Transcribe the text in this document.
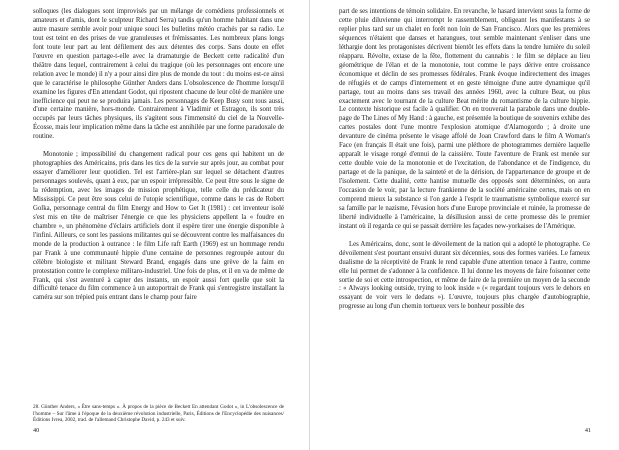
solloques (les dialogues sont improvisés par un mélange de comédiens professionnels et amateurs et d'amis, dont le sculpteur Richard Serra) tandis qu'un homme habitant dans une autre masure semble avoir pour unique souci les bulletins météo crachés par sa radio. Le tout est teint en des prises de vue granuleuses et frémissantes. Les nombreux plans longs font toute leur part au lent défilement des aux détentes des corps. Sans doute en effet l'œuvre en question partage-t-elle avec la dramaturgie de Beckett cette radicalité d'un théâtre dans lequel, contrairement à celui du tragique (où les personnages ont encore une relation avec le monde) il n'y a pour ainsi dire plus de monde du tout : du moins est-ce ainsi que le caractérise le philosophe Günther Anders dans L'obsolescence de l'homme lorsqu'il examine les figures d'En attendant Godot, qui ripostent chacune de leur côté de manière une inefficience qui peut ne se produira jamais. Les personnages de Keep Busy sont tous aussi, d'une certaine manière, hors-monde. Contrairement à Vladimir et Estragon, ils sont très occupés par leurs tâches physiques, ils s'agitent sous l'immensité du ciel de la Nouvelle-Écosse, mais leur implication même dans la tâche est annihilée par une forme paradoxale de routine.

Monotonie ; impossibilité du changement radical pour ces gens qui habitent un de photographies des Américains, pris dans les tics de la survie sur après jour, au combat pour essayer d'améliorer leur quotidien. Tel est l'arrière-plan sur lequel se détachent d'autres personnages soulevés, quant à eux, par un espoir irrépressible. Ce peut être sous le signe de la rédemption, avec les images de mission prophétique, telle celle du prédicateur du Mississippi. Ce peut être sous celui de l'utopie scientifique, comme dans le cas de Robert Golka, personnage central du film Energy and How to Get It (1981) : cet inventeur isolé s'est mis en tête de maîtriser l'énergie ce que les physiciens appellent la « foudre en chambre », un phénomène d'éclairs artificiels dont il espère tirer une énergie disponible à l'infini. Ailleurs, ce sont les passions militantes qui se découvrent contre les malfaisances du monde de la production à outrance : le film Life raft Earth (1969) est un hommage rendu par Frank à une communauté hippie d'une centaine de personnes regroupée autour du célèbre biologiste et militant Steward Brand, engagés dans une grève de la faim en protestation contre le complexe militaro-industriel. Une fois de plus, et il en va de même de Frank, qui s'est aventuré à capter des instants, un espoir aussi fort quelle que soit la difficulté tenace du film commence à un autoportrait de Frank qui s'entregistre installant la caméra sur son trépied puis entrant dans le champ pour faire

28. Günther Anders, « Être sans-temps ». À propos de la pièce de Beckett En attendant Godot », in L'obsolescence de l'homme – Sur l'âme à l'époque de la deuxième révolution industrielle, Paris, Éditions de l'Encyclopédie des nuisances/Éditions Ivrea, 2002, trad. de l'allemand Christophe David, p. 243 et suiv.
40

part de ses intentions de témoin solidaire. En revanche, le hasard intervient sous la forme de cette pluie diluvienne qui interrompt le rassemblement, obligeant les manifestants à se replier plus tard sur un chalet en forêt non loin de San Francisco. Alors que les premières séquences n'étaient que danses et harangues, tout semble maintenant s'enliser dans une léthargie dont les protagonistes décrivent bientôt les effets dans la tendre lumière du soleil réapparu. Révolte, extase de la fête, flottement du cannabis : le film se déplace au lieu géométrique de l'élan et de la monotonie, tout comme le pays dérive entre croissance économique et déclin de ses promesses fédérales. Frank évoque indirectement des images de réfugiés et de camps d'internement et en geste témoigne d'une autre dynamique qu'il partage, tout au moins dans ses travail des années 1960, avec la culture Beat, ou plus exactement avec le tournant de la culture Beat mérite du romantisme de la culture hippie. Le contexte historique est facile à qualifier. On en trouverait la parabole dans une double-page de The Lines of My Hand : à gauche, est présentée la boutique de souvenirs exhibe des cartes postales dont l'une montre l'explosion atomique d'Alamogordo ; à droite une devanture de cinéma présente le visage affolé de Joan Crawford dans le film A Woman's Face (en français Il était une fois), parmi une pléthore de photogrammes dernière laquelle apparaît le visage rongé d'ennui de la caissière. Toute l'aventure de Frank est menée sur cette double voie de la monotonie et de l'excitation, de l'abondance et de l'indigence, du partage et de la panique, de la sainteté et de la dérision, de l'appartenance de groupe et de l'isolement. Cette dualité, cette hantise mutuelle des opposés sont déterminées, on aura l'occasion de le voir, par la lecture frankienne de la société américaine certes, mais on en comprend mieux la substance si l'on garde à l'esprit le traumatisme symbolique exercé sur sa famille par le nazisme, l'évasion hors d'une Europe provinciale et ruinée, la promesse de liberté individuelle à l'américaine, la désillusion aussi de cette promesse dès le premier instant où il regarda ce qui se passait derrière les façades new-yorkaises de l'Amérique.

Les Américains, donc, sont le dévoilement de la nation qui a adopté le photographe. Ce dévoilement s'est pourtant ensuivi durant six décennies, sous des formes variées. Le fameux dualisme de la réceptivité de Frank le rend capable d'une attention tenace à l'autre, comme elle lui permet de s'adonner à la confidence. Il lui donne les moyens de faire foisonner cette sortie de soi et cette introspection, et même de faire de la première un moyen de la seconde : « Always looking outside, trying to look inside » (« regardant toujours vers le dehors en essayant de voir vers le dedans »). L'œuvre, toujours plus chargée d'autobiographie, progresse au long d'un chemin tortueux vers le bonheur possible des

41
